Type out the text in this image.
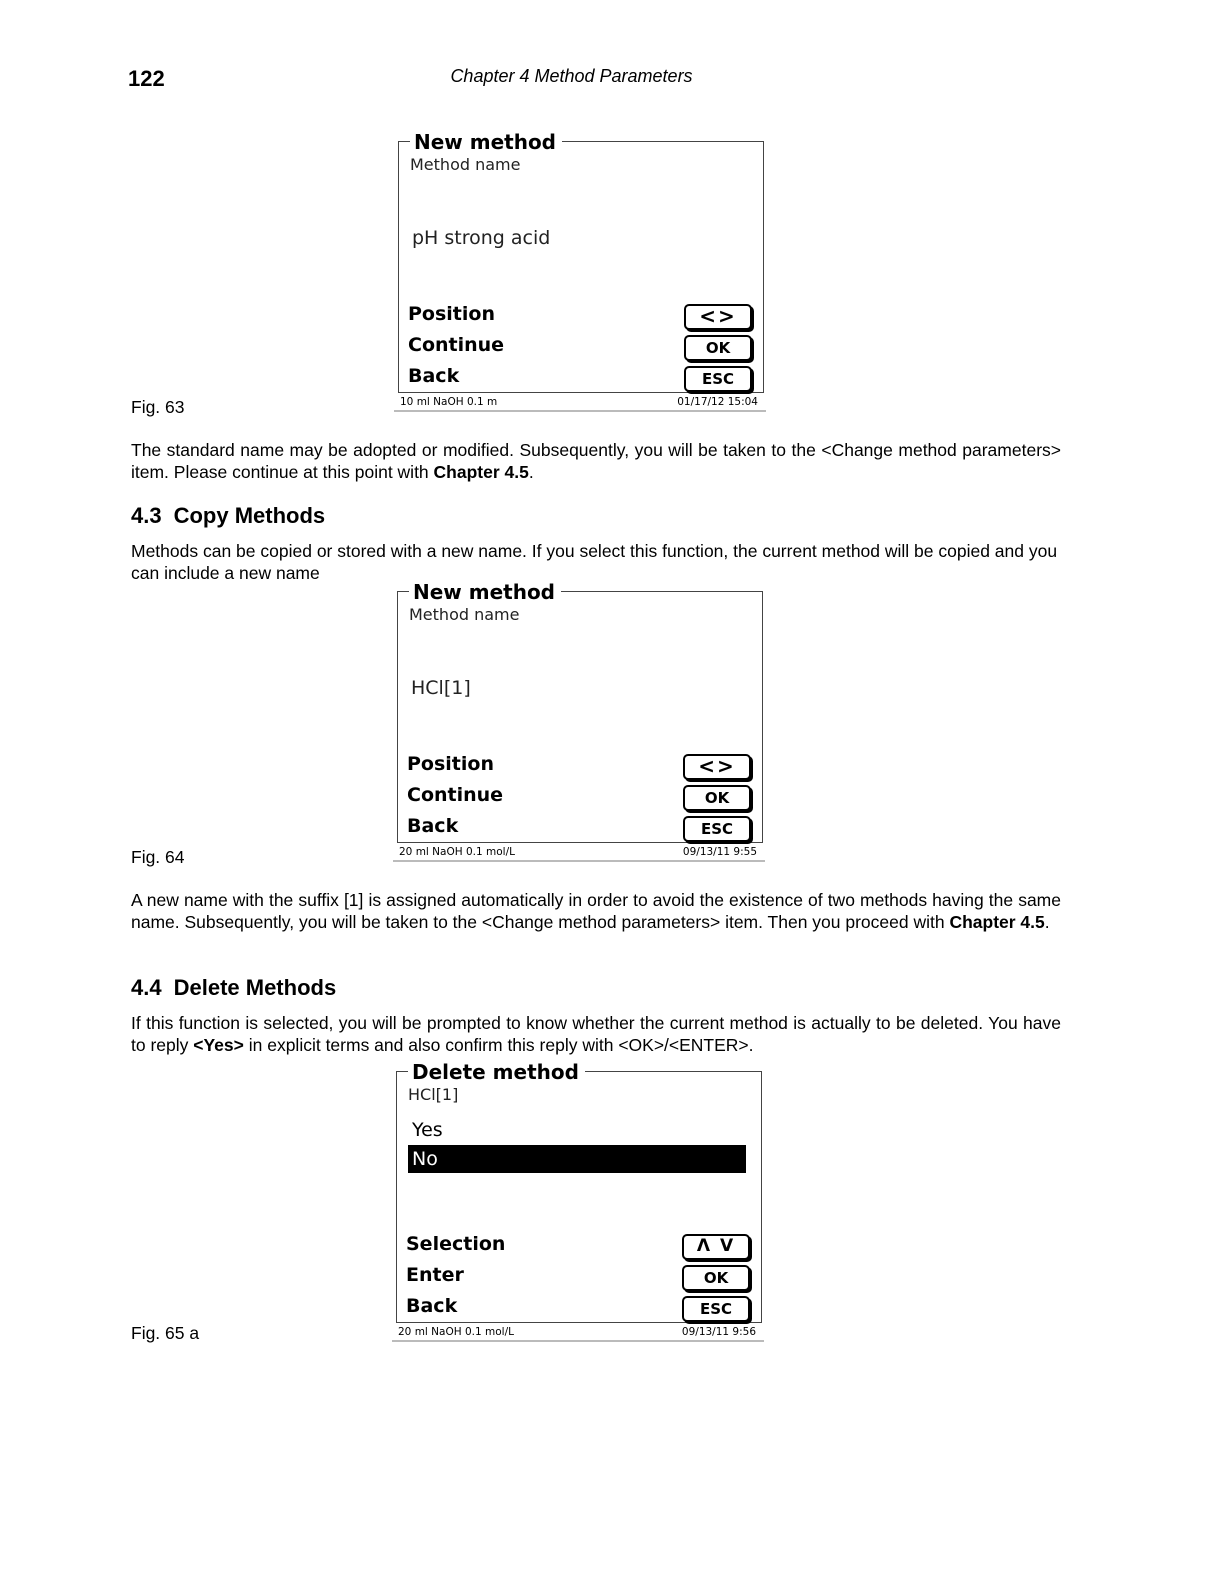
122	Chapter 4 Method Parameters
New method
Method name
pH strong acid
Position	<>
Continue	OK
Back	ESC
10 ml NaOH 0.1 m	01/17/12 15:04
Fig. 63
The standard name may be adopted or modified. Subsequently, you will be taken to the <Change method parameters> item. Please continue at this point with Chapter 4.5.
4.3 Copy Methods
Methods can be copied or stored with a new name. If you select this function, the current method will be copied and you can include a new name
New method
Method name
HCl[1]
Position	<>
Continue	OK
Back	ESC
20 ml NaOH 0.1 mol/L	09/13/11 9:55
Fig. 64
A new name with the suffix [1] is assigned automatically in order to avoid the existence of two methods having the same name. Subsequently, you will be taken to the <Change method parameters> item. Then you proceed with Chapter 4.5.
4.4 Delete Methods
If this function is selected, you will be prompted to know whether the current method is actually to be deleted. You have to reply <Yes> in explicit terms and also confirm this reply with <OK>/<ENTER>.
Delete method
HCl[1]
Yes
No
Selection	Λ V
Enter	OK
Back	ESC
20 ml NaOH 0.1 mol/L	09/13/11 9:56
Fig. 65 a
